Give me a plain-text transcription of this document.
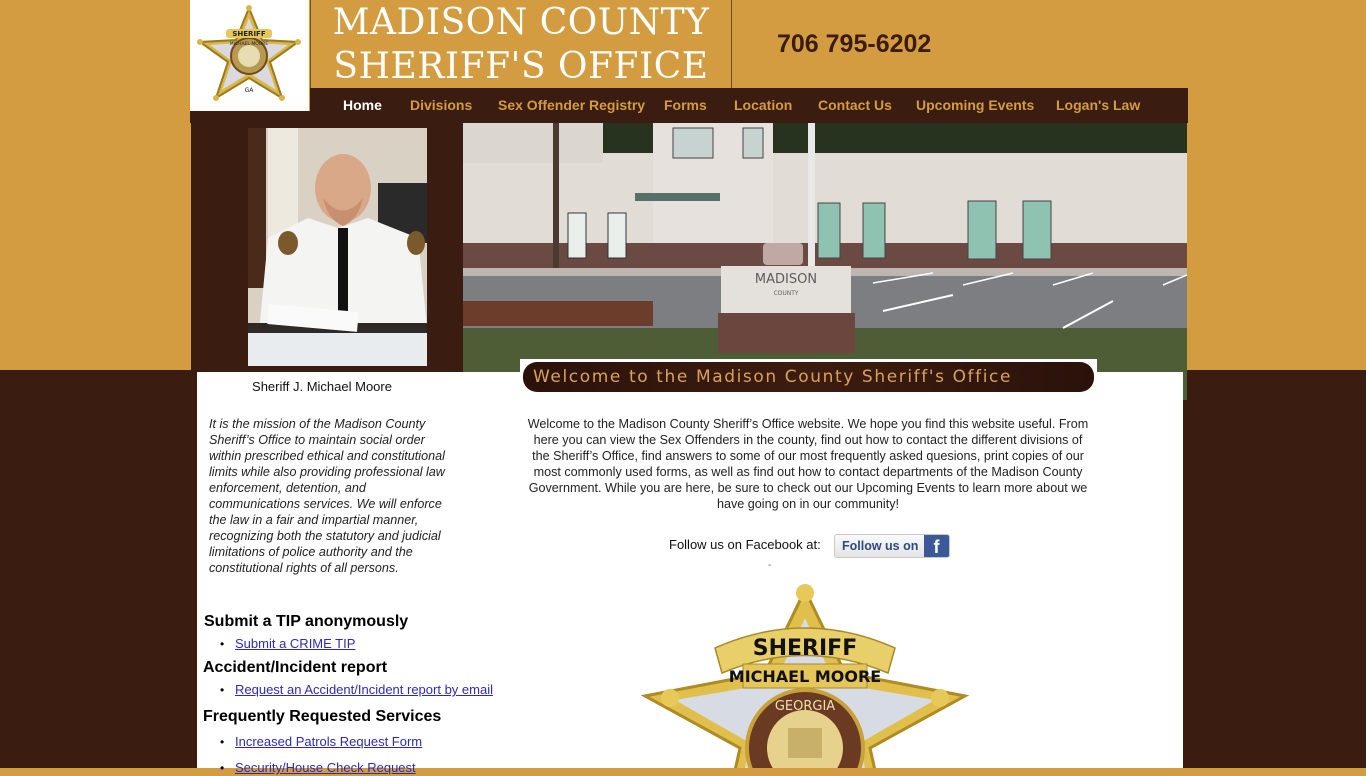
SHERIFF
MICHAEL MOORE
GA
MADISON COUNTY
SHERIFF'S OFFICE
706 795-6202
Home Divisions Sex Offender Registry Forms Location Contact Us Upcoming Events Logan's Law
MADISON
COUNTY
Welcome to the Madison County Sheriff's Office
Sheriff J. Michael Moore
It is the mission of the Madison County Sheriff’s Office to maintain social order within prescribed ethical and constitutional limits while also providing professional law enforcement, detention, and communications services. We will enforce the law in a fair and impartial manner, recognizing both the statutory and judicial limitations of police authority and the constitutional rights of all persons.
Submit a TIP anonymously
• Submit a CRIME TIP
Accident/Incident report
• Request an Accident/Incident report by email
Frequently Requested Services
• Increased Patrols Request Form
• Security/House Check Request
Welcome to the Madison County Sheriff’s Office website. We hope you find this website useful. From here you can view the Sex Offenders in the county, find out how to contact the different divisions of the Sheriff’s Office, find answers to some of our most frequently asked quesions, print copies of our most commonly used forms, as well as find out how to contact departments of the Madison County Government. While you are here, be sure to check out our Upcoming Events to learn more about we have going on in our community!
Follow us on Facebook at: Follow us on f
-
SHERIFF
MICHAEL MOORE
GEORGIA
